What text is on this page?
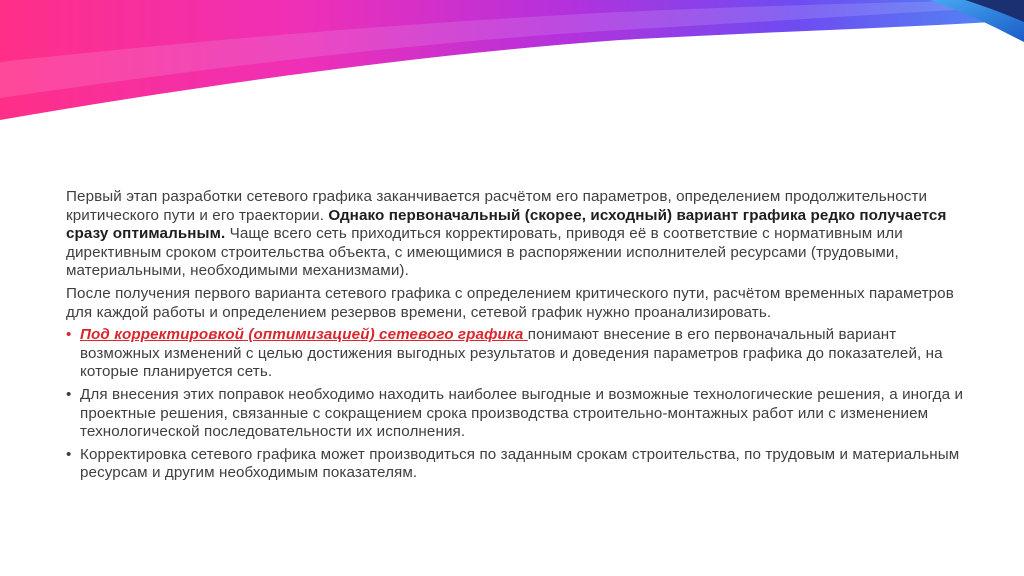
Первый этап разработки сетевого графика заканчивается расчётом его параметров, определением продолжительности критического пути и его траектории. Однако первоначальный (скорее, исходный) вариант графика редко получается сразу оптимальным. Чаще всего сеть приходиться корректировать, приводя её в соответствие с нормативным или директивным сроком строительства объекта, с имеющимися в распоряжении исполнителей ресурсами (трудовыми, материальными, необходимыми механизмами).

После получения первого варианта сетевого графика с определением критического пути, расчётом временных параметров для каждой работы и определением резервов времени, сетевой график нужно проанализировать.

• Под корректировкой (оптимизацией) сетевого графика понимают внесение в его первоначальный вариант возможных изменений с целью достижения выгодных результатов и доведения параметров графика до показателей, на которые планируется сеть.
• Для внесения этих поправок необходимо находить наиболее выгодные и возможные технологические решения, а иногда и проектные решения, связанные с сокращением срока производства строительно-монтажных работ или с изменением технологической последовательности их исполнения.
• Корректировка сетевого графика может производиться по заданным срокам строительства, по трудовым и материальным ресурсам и другим необходимым показателям.
